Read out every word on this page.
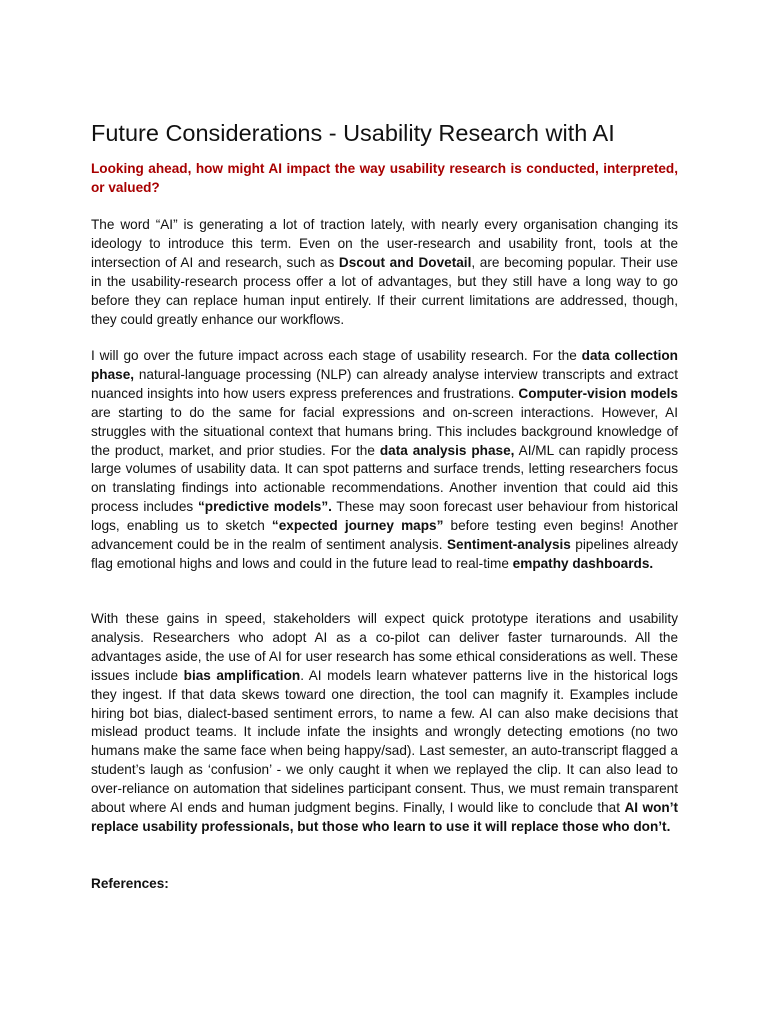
Future Considerations - Usability Research with AI

Looking ahead, how might AI impact the way usability research is conducted, interpreted, or valued?

The word “AI” is generating a lot of traction lately, with nearly every organisation changing its ideology to introduce this term. Even on the user-research and usability front, tools at the intersection of AI and research, such as Dscout and Dovetail, are becoming popular. Their use in the usability-research process offer a lot of advantages, but they still have a long way to go before they can replace human input entirely. If their current limitations are addressed, though, they could greatly enhance our workflows.

I will go over the future impact across each stage of usability research. For the data collection phase, natural-language processing (NLP) can already analyse interview transcripts and extract nuanced insights into how users express preferences and frustrations. Computer-vision models are starting to do the same for facial expressions and on-screen interactions. However, AI struggles with the situational context that humans bring. This includes background knowledge of the product, market, and prior studies. For the data analysis phase, AI/ML can rapidly process large volumes of usability data. It can spot patterns and surface trends, letting researchers focus on translating findings into actionable recommendations. Another invention that could aid this process includes “predictive models”. These may soon forecast user behaviour from historical logs, enabling us to sketch “expected journey maps” before testing even begins! Another advancement could be in the realm of sentiment analysis. Sentiment-analysis pipelines already flag emotional highs and lows and could in the future lead to real-time empathy dashboards.

With these gains in speed, stakeholders will expect quick prototype iterations and usability analysis. Researchers who adopt AI as a co-pilot can deliver faster turnarounds. All the advantages aside, the use of AI for user research has some ethical considerations as well. These issues include bias amplification. AI models learn whatever patterns live in the historical logs they ingest. If that data skews toward one direction, the tool can magnify it. Examples include hiring bot bias, dialect-based sentiment errors, to name a few. AI can also make decisions that mislead product teams. It include infate the insights and wrongly detecting emotions (no two humans make the same face when being happy/sad). Last semester, an auto-transcript flagged a student’s laugh as ‘confusion’ - we only caught it when we replayed the clip. It can also lead to over-reliance on automation that sidelines participant consent. Thus, we must remain transparent about where AI ends and human judgment begins. Finally, I would like to conclude that AI won’t replace usability professionals, but those who learn to use it will replace those who don’t.

References:
